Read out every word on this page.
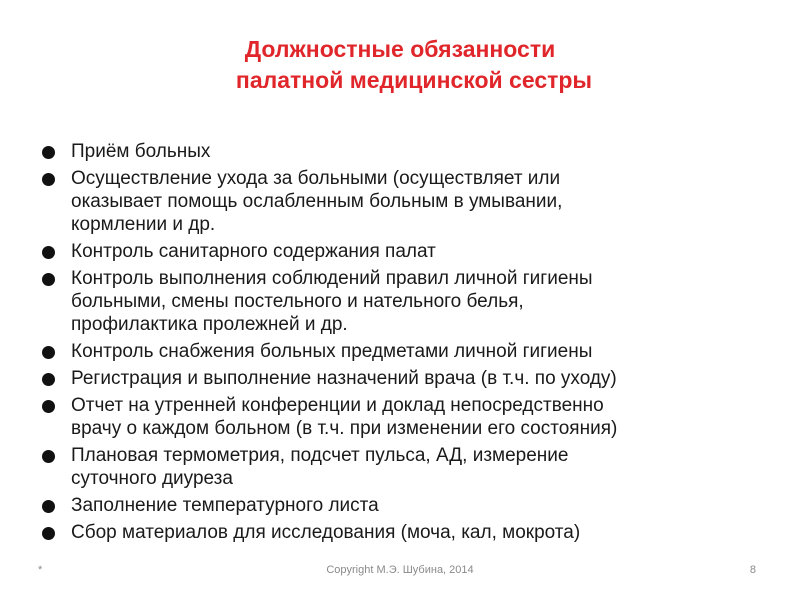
Должностные обязанности
палатной медицинской сестры
Приём больных
Осуществление ухода за больными (осуществляет или
оказывает помощь ослабленным больным в умывании,
кормлении и др.
Контроль санитарного содержания палат
Контроль выполнения соблюдений правил личной гигиены
больными, смены постельного и нательного белья,
профилактика пролежней и др.
Контроль снабжения больных предметами личной гигиены
Регистрация и выполнение назначений врача (в т.ч. по уходу)
Отчет на утренней конференции и доклад непосредственно
врачу о каждом больном (в т.ч. при изменении его состояния)
Плановая термометрия, подсчет пульса, АД, измерение
суточного диуреза
Заполнение температурного листа
Сбор материалов для исследования (моча, кал, мокрота)
*	Copyright М.Э. Шубина, 2014	8
